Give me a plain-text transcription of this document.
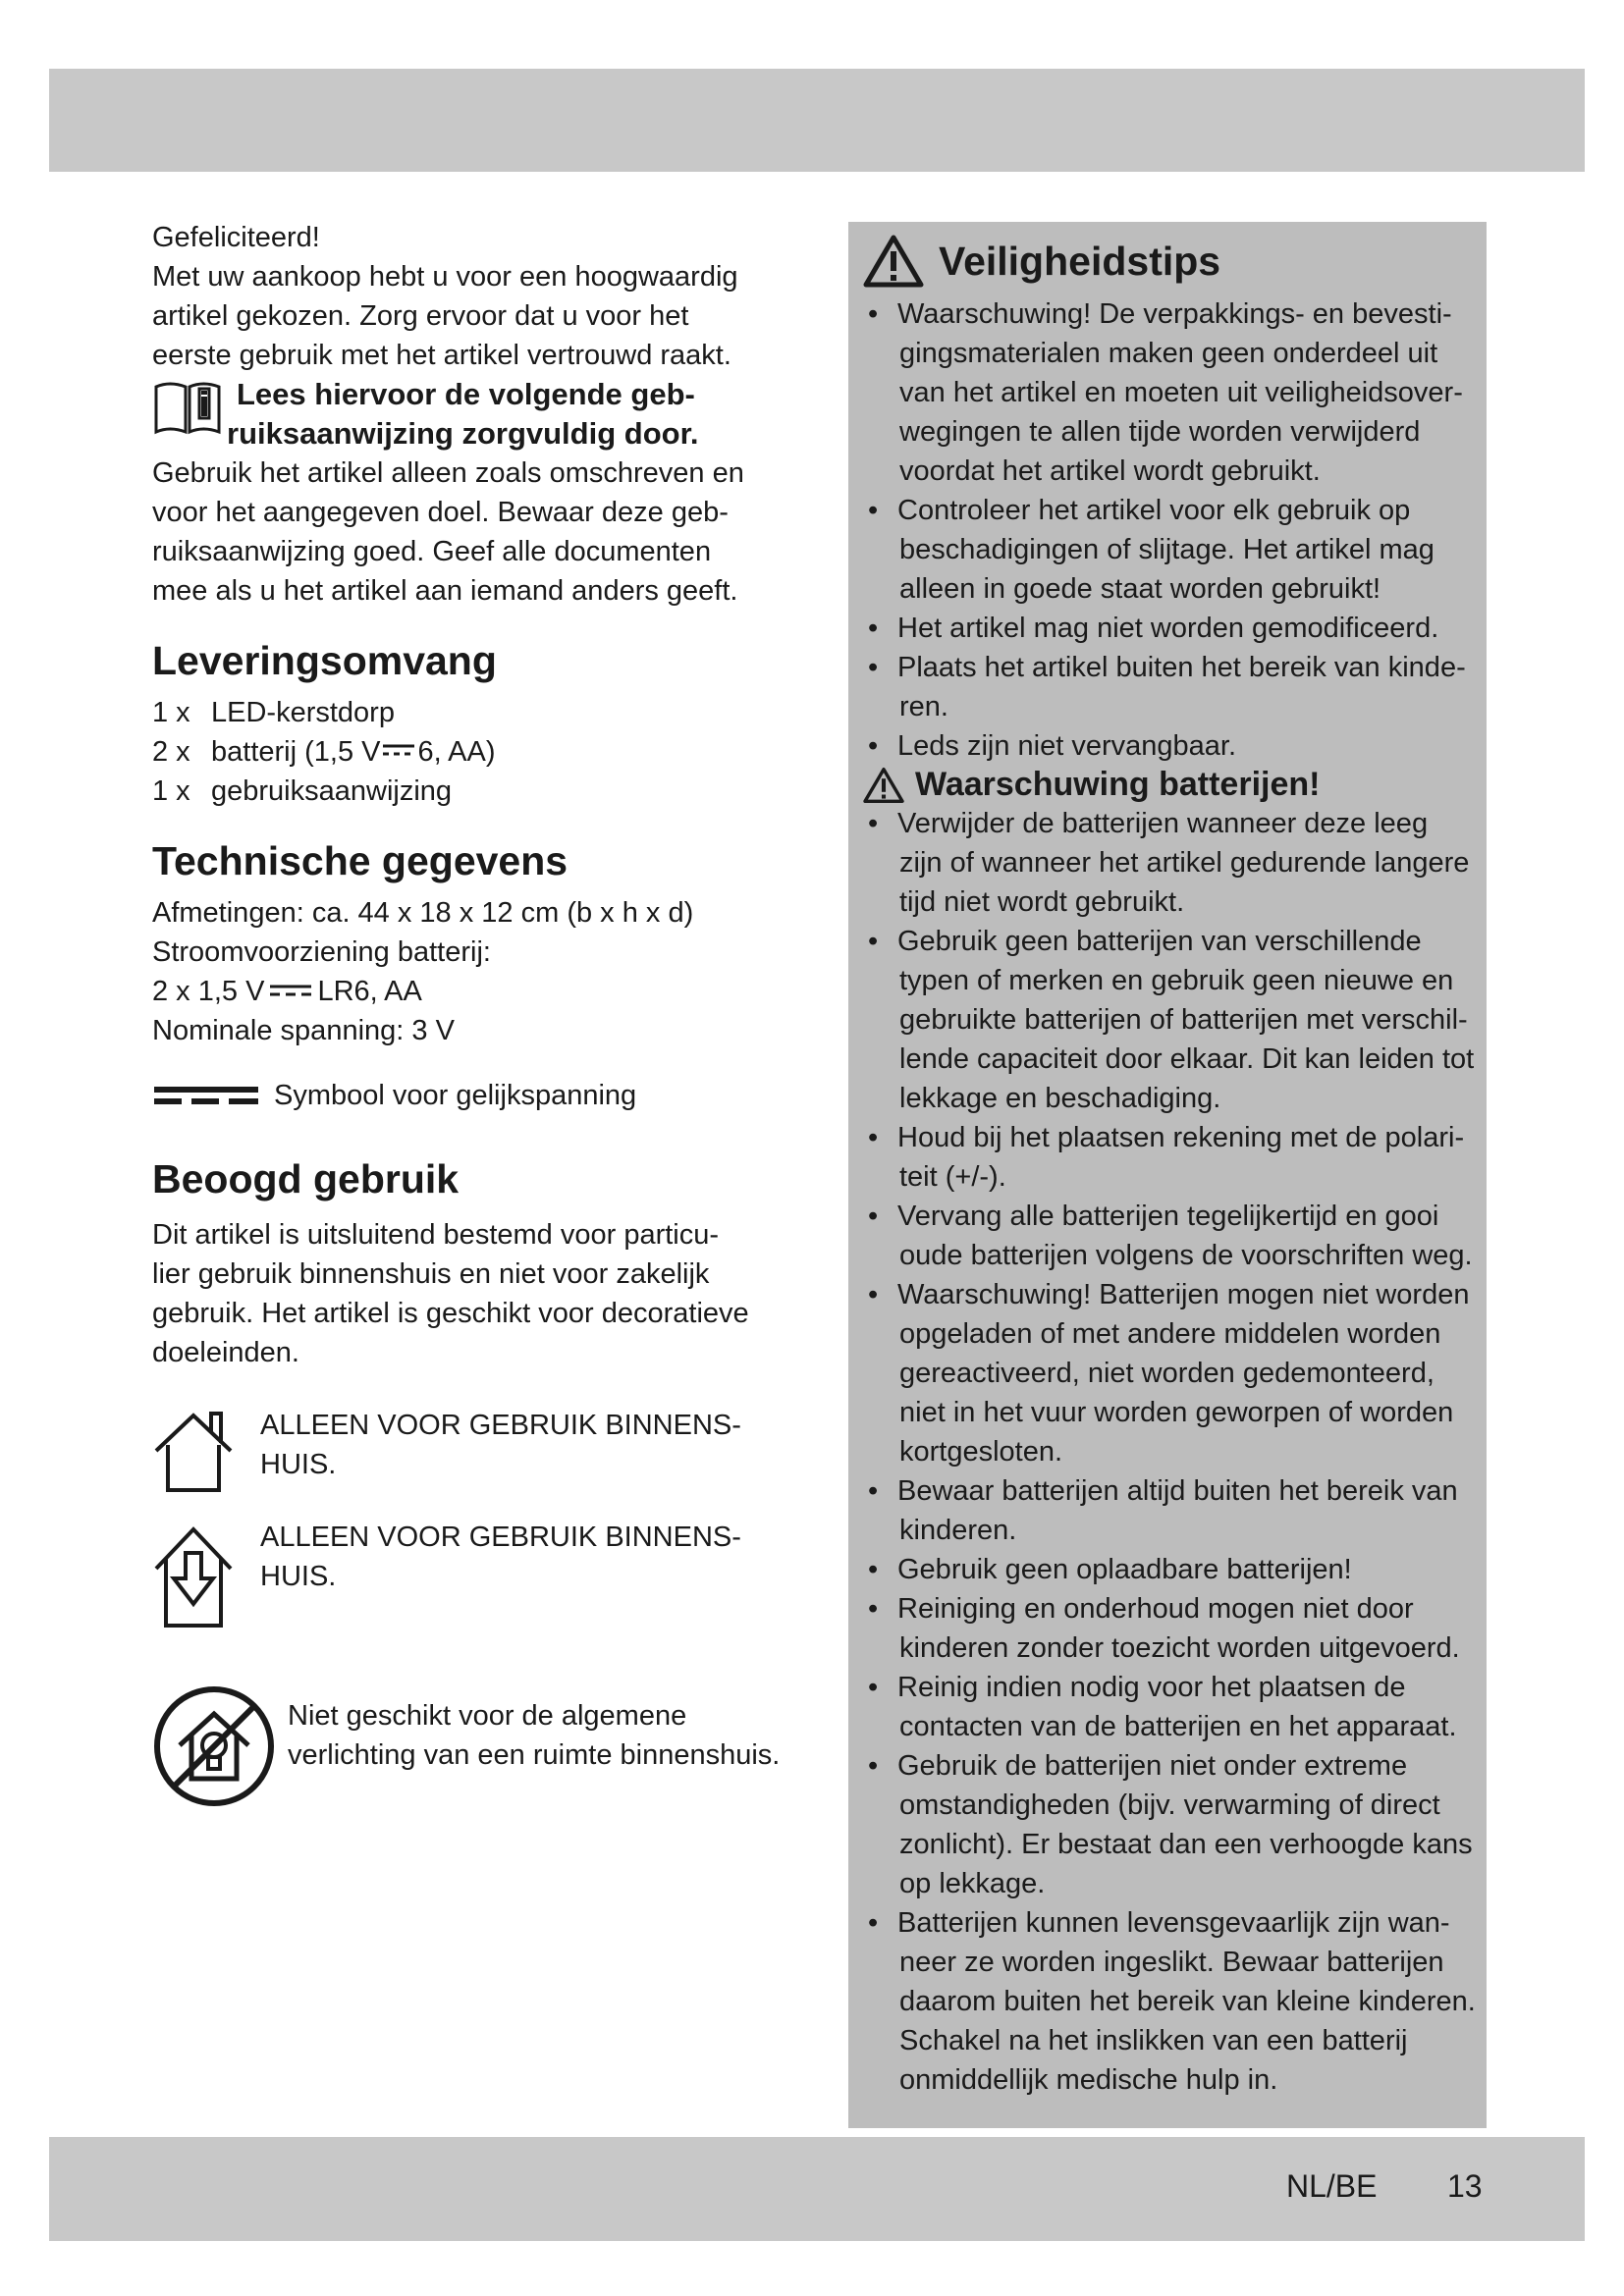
Gefeliciteerd!

Met uw aankoop hebt u voor een hoogwaardig

artikel gekozen. Zorg ervoor dat u voor het

eerste gebruik met het artikel vertrouwd raakt.

Lees hiervoor de volgende geb-
ruiksaanwijzing zorgvuldig door.

Gebruik het artikel alleen zoals omschreven en

voor het aangegeven doel. Bewaar deze geb-

ruiksaanwijzing goed. Geef alle documenten

mee als u het artikel aan iemand anders geeft.

Leveringsomvang
1 x LED-kerstdorp
2 x batterij (1,5 V 6, AA)
1 x gebruiksaanwijzing
Technische gegevens

Afmetingen: ca. 44 x 18 x 12 cm (b x h x d)

Stroomvoorziening batterij:

2 x 1,5 V LR6, AA

Nominale spanning: 3 V

Symbool voor gelijkspanning
Beoogd gebruik

Dit artikel is uitsluitend bestemd voor particu-

lier gebruik binnenshuis en niet voor zakelijk

gebruik. Het artikel is geschikt voor decoratieve

doeleinden.

ALLEEN VOOR GEBRUIK BINNENS-
HUIS.
ALLEEN VOOR GEBRUIK BINNENS-
HUIS.
Niet geschikt voor de algemene
verlichting van een ruimte binnenshuis.
Veiligheidstips

• Waarschuwing! De verpakkings- en bevesti-
gingsmaterialen maken geen onderdeel uit
van het artikel en moeten uit veiligheidsover-
wegingen te allen tijde worden verwijderd
voordat het artikel wordt gebruikt.

• Controleer het artikel voor elk gebruik op
beschadigingen of slijtage. Het artikel mag
alleen in goede staat worden gebruikt!

• Het artikel mag niet worden gemodificeerd.

• Plaats het artikel buiten het bereik van kinde-
ren.

• Leds zijn niet vervangbaar.

Waarschuwing batterijen!

• Verwijder de batterijen wanneer deze leeg
zijn of wanneer het artikel gedurende langere
tijd niet wordt gebruikt.

• Gebruik geen batterijen van verschillende
typen of merken en gebruik geen nieuwe en
gebruikte batterijen of batterijen met verschil-
lende capaciteit door elkaar. Dit kan leiden tot
lekkage en beschadiging.

• Houd bij het plaatsen rekening met de polari-
teit (+/-).

• Vervang alle batterijen tegelijkertijd en gooi
oude batterijen volgens de voorschriften weg.

• Waarschuwing! Batterijen mogen niet worden
opgeladen of met andere middelen worden
gereactiveerd, niet worden gedemonteerd,
niet in het vuur worden geworpen of worden
kortgesloten.

• Bewaar batterijen altijd buiten het bereik van
kinderen.

• Gebruik geen oplaadbare batterijen!

• Reiniging en onderhoud mogen niet door
kinderen zonder toezicht worden uitgevoerd.

• Reinig indien nodig voor het plaatsen de
contacten van de batterijen en het apparaat.

• Gebruik de batterijen niet onder extreme
omstandigheden (bijv. verwarming of direct
zonlicht). Er bestaat dan een verhoogde kans
op lekkage.

• Batterijen kunnen levensgevaarlijk zijn wan-
neer ze worden ingeslikt. Bewaar batterijen
daarom buiten het bereik van kleine kinderen.
Schakel na het inslikken van een batterij
onmiddellijk medische hulp in.

NL/BE 13
